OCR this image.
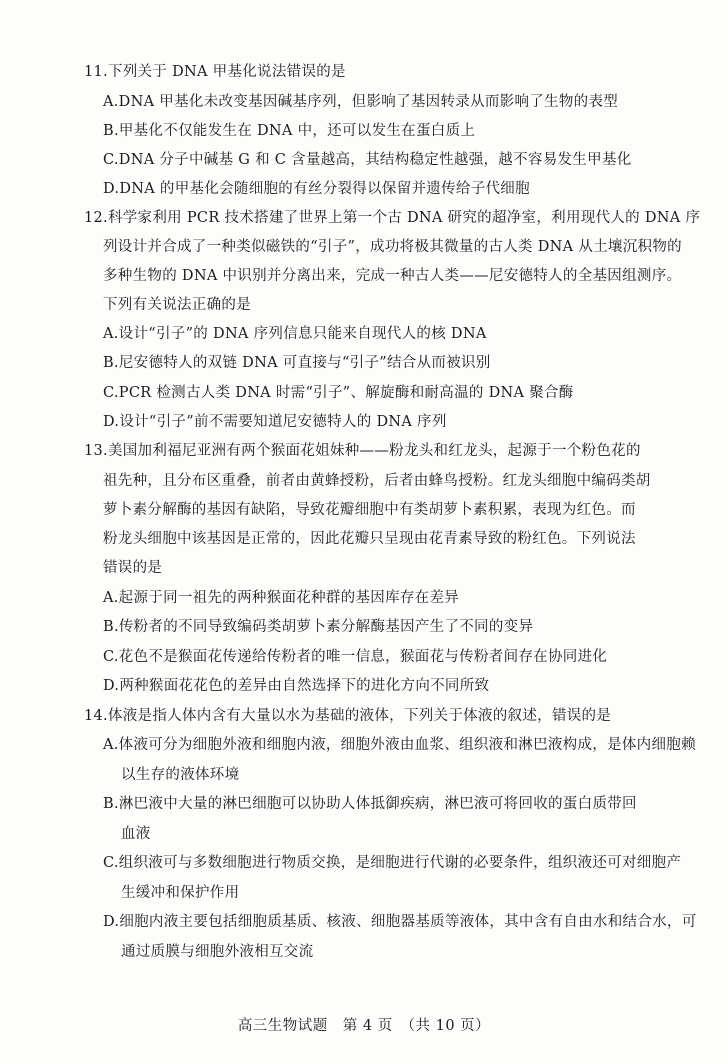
11.下列关于 DNA 甲基化说法错误的是
A.DNA 甲基化未改变基因碱基序列，但影响了基因转录从而影响了生物的表型
B.甲基化不仅能发生在 DNA 中，还可以发生在蛋白质上
C.DNA 分子中碱基 G 和 C 含量越高，其结构稳定性越强，越不容易发生甲基化
D.DNA 的甲基化会随细胞的有丝分裂得以保留并遗传给子代细胞
12.科学家利用 PCR 技术搭建了世界上第一个古 DNA 研究的超净室，利用现代人的 DNA 序
列设计并合成了一种类似磁铁的“引子”，成功将极其微量的古人类 DNA 从土壤沉积物的
多种生物的 DNA 中识别并分离出来，完成一种古人类——尼安德特人的全基因组测序。
下列有关说法正确的是
A.设计“引子”的 DNA 序列信息只能来自现代人的核 DNA
B.尼安德特人的双链 DNA 可直接与“引子”结合从而被识别
C.PCR 检测古人类 DNA 时需“引子”、解旋酶和耐高温的 DNA 聚合酶
D.设计“引子”前不需要知道尼安德特人的 DNA 序列
13.美国加利福尼亚洲有两个猴面花姐妹种——粉龙头和红龙头，起源于一个粉色花的
祖先种，且分布区重叠，前者由黄蜂授粉，后者由蜂鸟授粉。红龙头细胞中编码类胡
萝卜素分解酶的基因有缺陷，导致花瓣细胞中有类胡萝卜素积累，表现为红色。而
粉龙头细胞中该基因是正常的，因此花瓣只呈现由花青素导致的粉红色。下列说法
错误的是
A.起源于同一祖先的两种猴面花种群的基因库存在差异
B.传粉者的不同导致编码类胡萝卜素分解酶基因产生了不同的变异
C.花色不是猴面花传递给传粉者的唯一信息，猴面花与传粉者间存在协同进化
D.两种猴面花花色的差异由自然选择下的进化方向不同所致
14.体液是指人体内含有大量以水为基础的液体，下列关于体液的叙述，错误的是
A.体液可分为细胞外液和细胞内液，细胞外液由血浆、组织液和淋巴液构成，是体内细胞赖
以生存的液体环境
B.淋巴液中大量的淋巴细胞可以协助人体抵御疾病，淋巴液可将回收的蛋白质带回
血液
C.组织液可与多数细胞进行物质交换，是细胞进行代谢的必要条件，组织液还可对细胞产
生缓冲和保护作用
D.细胞内液主要包括细胞质基质、核液、细胞器基质等液体，其中含有自由水和结合水，可
通过质膜与细胞外液相互交流
高三生物试题　第 4 页　（共 10 页）
